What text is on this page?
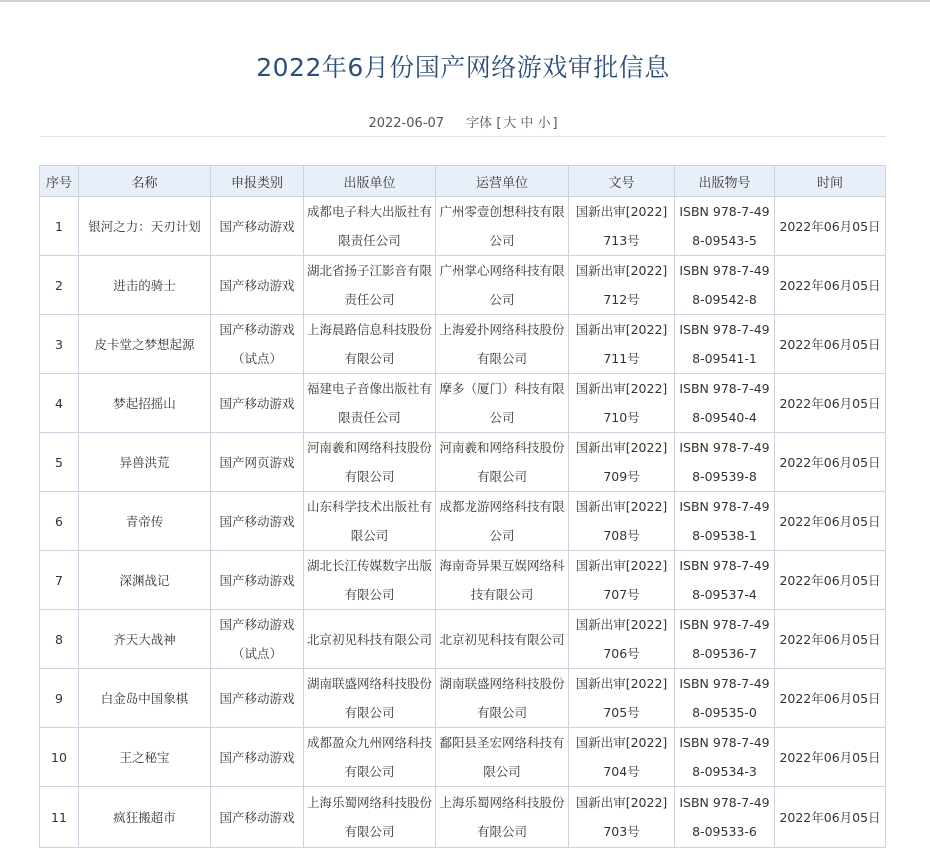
2022年6月份国产网络游戏审批信息
2022-06-07 字体 [ 大 中 小 ]
序号	名称	申报类别	出版单位	运营单位	文号	出版物号	时间
1	银河之力：天刃计划	国产移动游戏	成都电子科大出版社有限责任公司	广州零壹创想科技有限公司	国新出审[2022]713号	ISBN 978-7-498-09543-5	2022年06月05日
2	进击的骑士	国产移动游戏	湖北省扬子江影音有限责任公司	广州掌心网络科技有限公司	国新出审[2022]712号	ISBN 978-7-498-09542-8	2022年06月05日
3	皮卡堂之梦想起源	国产移动游戏（试点）	上海晨路信息科技股份有限公司	上海爱扑网络科技股份有限公司	国新出审[2022]711号	ISBN 978-7-498-09541-1	2022年06月05日
4	梦起招摇山	国产移动游戏	福建电子音像出版社有限责任公司	摩多（厦门）科技有限公司	国新出审[2022]710号	ISBN 978-7-498-09540-4	2022年06月05日
5	异兽洪荒	国产网页游戏	河南羲和网络科技股份有限公司	河南羲和网络科技股份有限公司	国新出审[2022]709号	ISBN 978-7-498-09539-8	2022年06月05日
6	青帝传	国产移动游戏	山东科学技术出版社有限公司	成都龙游网络科技有限公司	国新出审[2022]708号	ISBN 978-7-498-09538-1	2022年06月05日
7	深渊战记	国产移动游戏	湖北长江传媒数字出版有限公司	海南奇异果互娱网络科技有限公司	国新出审[2022]707号	ISBN 978-7-498-09537-4	2022年06月05日
8	齐天大战神	国产移动游戏（试点）	北京初见科技有限公司	北京初见科技有限公司	国新出审[2022]706号	ISBN 978-7-498-09536-7	2022年06月05日
9	白金岛中国象棋	国产移动游戏	湖南联盛网络科技股份有限公司	湖南联盛网络科技股份有限公司	国新出审[2022]705号	ISBN 978-7-498-09535-0	2022年06月05日
10	王之秘宝	国产移动游戏	成都盈众九州网络科技有限公司	鄱阳县圣宏网络科技有限公司	国新出审[2022]704号	ISBN 978-7-498-09534-3	2022年06月05日
11	疯狂搬超市	国产移动游戏	上海乐蜀网络科技股份有限公司	上海乐蜀网络科技股份有限公司	国新出审[2022]703号	ISBN 978-7-498-09533-6	2022年06月05日
